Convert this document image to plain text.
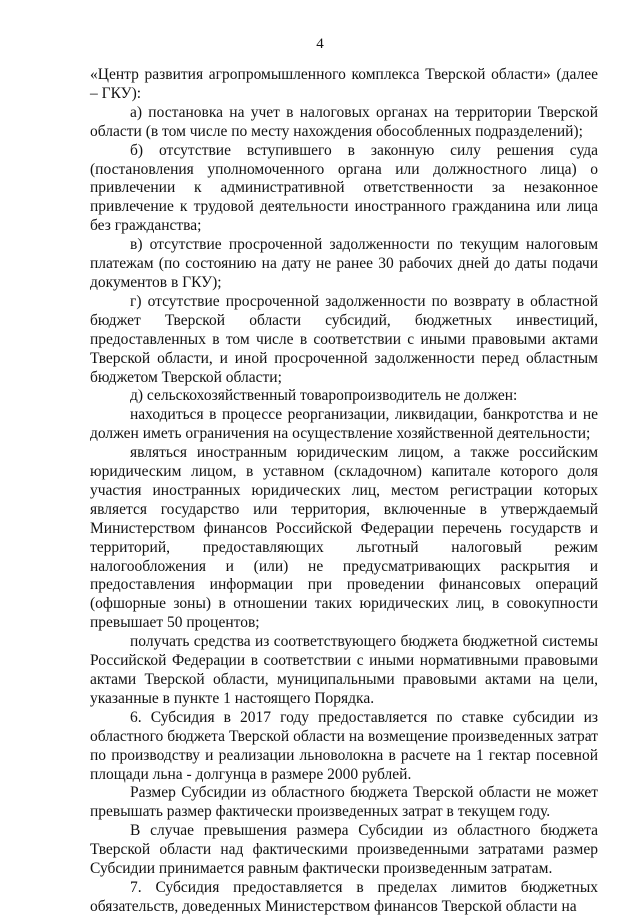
4

«Центр развития агропромышленного комплекса Тверской области» (далее – ГКУ):

а) постановка на учет в налоговых органах на территории Тверской области (в том числе по месту нахождения обособленных подразделений);

б) отсутствие вступившего в законную силу решения суда (постановления уполномоченного органа или должностного лица) о привлечении к административной ответственности за незаконное привлечение к трудовой деятельности иностранного гражданина или лица без гражданства;

в) отсутствие просроченной задолженности по текущим налоговым платежам (по состоянию на дату не ранее 30 рабочих дней до даты подачи документов в ГКУ);

г) отсутствие просроченной задолженности по возврату в областной бюджет Тверской области субсидий, бюджетных инвестиций, предоставленных в том числе в соответствии с иными правовыми актами Тверской области, и иной просроченной задолженности перед областным бюджетом Тверской области;

д) сельскохозяйственный товаропроизводитель не должен:

находиться в процессе реорганизации, ликвидации, банкротства и не должен иметь ограничения на осуществление хозяйственной деятельности;

являться иностранным юридическим лицом, а также российским юридическим лицом, в уставном (складочном) капитале которого доля участия иностранных юридических лиц, местом регистрации которых является государство или территория, включенные в утверждаемый Министерством финансов Российской Федерации перечень государств и территорий, предоставляющих льготный налоговый режим налогообложения и (или) не предусматривающих раскрытия и предоставления информации при проведении финансовых операций (офшорные зоны) в отношении таких юридических лиц, в совокупности превышает 50 процентов;

получать средства из соответствующего бюджета бюджетной системы Российской Федерации в соответствии с иными нормативными правовыми актами Тверской области, муниципальными правовыми актами на цели, указанные в пункте 1 настоящего Порядка.

6. Субсидия в 2017 году предоставляется по ставке субсидии из областного бюджета Тверской области на возмещение произведенных затрат по производству и реализации льноволокна в расчете на 1 гектар посевной площади льна - долгунца в размере 2000 рублей.

Размер Субсидии из областного бюджета Тверской области не может превышать размер фактически произведенных затрат в текущем году.

В случае превышения размера Субсидии из областного бюджета Тверской области над фактическими произведенными затратами размер Субсидии принимается равным фактически произведенным затратам.

7. Субсидия предоставляется в пределах лимитов бюджетных обязательств, доведенных Министерством финансов Тверской области на
